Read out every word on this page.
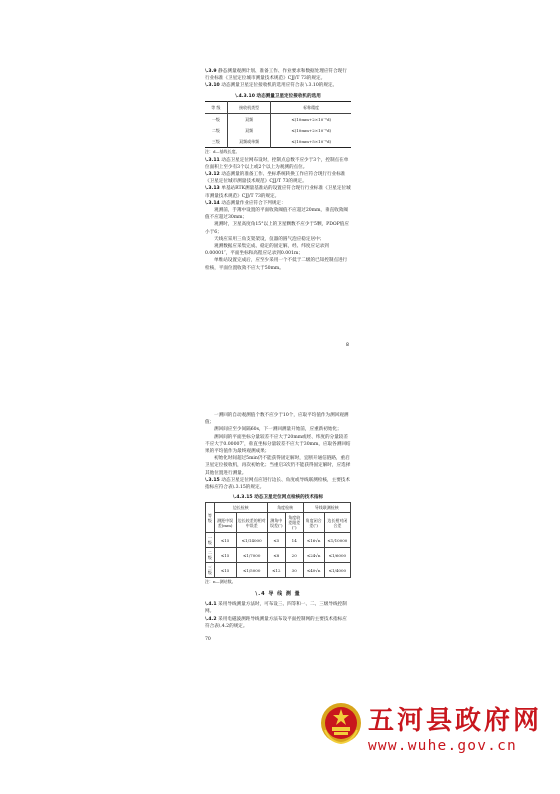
\.3.9 静态测量观测计划、准备工作、作业要求和数据处理应符合现行行业标准《卫星定位城市测量技术规范》CJJ/T 73的规定。

\.3.10 动态测量卫星定位接收机的选用应符合表 \.3.10的规定。

\.4.3.10 动态测量卫星定位接收机的选用
等 级	接收机类型	标称精度
一级	双频	≤(10mm+2×10⁻⁶d)
二级	双频	≤(10mm+2×10⁻⁶d)
三级	双频或单频	≤(10mm+5×10⁻⁶d)
注：d—基线长度。

\.3.11 动态卫星定位网布设时，控制点总数不应少于3个，控制点在单位面积上至少有3个以上或2个以上为观测的点位。

\.3.12 动态测量的准备工作、坐标系统转换工作应符合现行行业标准《卫星定位城市测量技术规范》CJJ/T 73的规定。

\.3.13 单基站RTK测量基准站的设置应符合现行行业标准《卫星定位城市测量技术规范》CJJ/T 73的规定。

\.3.14 动态测量作业应符合下列规定：

观测前，手簿中设置的平面收敛阈值不应超过20mm，垂直收敛阈值不应超过30mm；

观测时，卫星高度角15°以上的卫星颗数不应少于5颗，PDOP值应小于6；

天线应采用三角支架架设，仪器的圆气泡应稳定居中；

观测数据应采集完成、稳定的固定解，经、纬度应记录到0.00001″，平面坐标和高程应记录到0.001m；

单维站设置完成后，应至少采用一个不低于二级的已知控制点进行检核，平面位置收敛不应大于50mm。

8

一测回的自动观测值个数不应少于10个，应取平均值作为测回观测值；

测回间应至少间隔60s，下一测回测量开始前，应重新初始化；

测回间的平面坐标分量较差不应大于20mm或经、纬度的分量较差不应大于0.00007″，垂直坐标分量较差不应大于30mm，应取各测回结果的平均值作为最终观测成果；

初始化时间超过5min仍不能获得固定解时，宜断开通信链路，重启卫星定位接收机，再次初始化；当重启3次仍不能获得固定解时，应选择其他位置进行测量。

\.3.15 动态卫星定位网点应进行边长、角度或导线联测检核，主要技术指标应符合表\.3.15的规定。

\.4.3.15 动态卫星定位网点检核的技术指标
等级	边长检核		角度检核		导线联测检核	
	测距中误差(mm)	边长较差的相对中误差	测角中误差(″)	角度较差限差(″)	角度闭合差(″)	边长相对闭合差
一级	≤15	≤1/14000	≤5	14	≤16√n	≤1/10000
二级	≤15	≤1/7000	≤8	20	≤24√n	≤1/6000
三级	≤15	≤1/5000	≤12	30	≤40√n	≤1/4000
注：n—测站数。
\.4 导 线 测 量

\.4.1 采用导线测量方法时，可布设三、四等和一、二、三级导线控制网。

\.4.2 采用电磁波测距导线测量方法布设平面控制网的主要技术指标应符合表\.4.2的规定。

70
五河县政府网
www.wuhe.gov.cn
